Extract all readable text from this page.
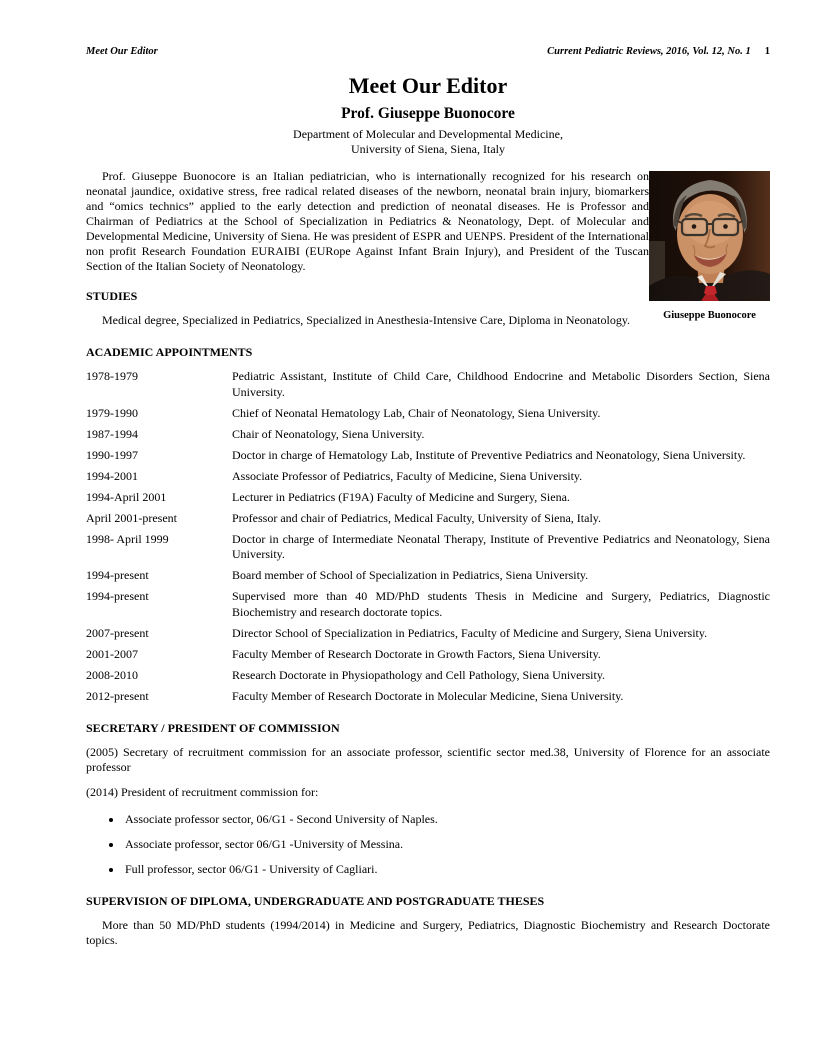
Meet Our Editor	Current Pediatric Reviews, 2016, Vol. 12, No. 1 1
Meet Our Editor
Prof. Giuseppe Buonocore
Department of Molecular and Developmental Medicine,
University of Siena, Siena, Italy
Giuseppe Buonocore

Prof. Giuseppe Buonocore is an Italian pediatrician, who is internationally recognized for his research on neonatal jaundice, oxidative stress, free radical related diseases of the newborn, neonatal brain injury, biomarkers and “omics technics” applied to the early detection and prediction of neonatal diseases. He is Professor and Chairman of Pediatrics at the School of Specialization in Pediatrics & Neonatology, Dept. of Molecular and Developmental Medicine, University of Siena. He was president of ESPR and UENPS. President of the International non profit Research Foundation EURAIBI (EURope Against Infant Brain Injury), and President of the Tuscan Section of the Italian Society of Neonatology.

STUDIES

Medical degree, Specialized in Pediatrics, Specialized in Anesthesia-Intensive Care, Diploma in Neonatology.

ACADEMIC APPOINTMENTS
1978-1979	Pediatric Assistant, Institute of Child Care, Childhood Endocrine and Metabolic Disorders Section, Siena University.
1979-1990	Chief of Neonatal Hematology Lab, Chair of Neonatology, Siena University.
1987-1994	Chair of Neonatology, Siena University.
1990-1997	Doctor in charge of Hematology Lab, Institute of Preventive Pediatrics and Neonatology, Siena University.
1994-2001	Associate Professor of Pediatrics, Faculty of Medicine, Siena University.
1994-April 2001	Lecturer in Pediatrics (F19A) Faculty of Medicine and Surgery, Siena.
April 2001-present	Professor and chair of Pediatrics, Medical Faculty, University of Siena, Italy.
1998- April 1999	Doctor in charge of Intermediate Neonatal Therapy, Institute of Preventive Pediatrics and Neonatology, Siena University.
1994-present	Board member of School of Specialization in Pediatrics, Siena University.
1994-present	Supervised more than 40 MD/PhD students Thesis in Medicine and Surgery, Pediatrics, Diagnostic Biochemistry and research doctorate topics.
2007-present	Director School of Specialization in Pediatrics, Faculty of Medicine and Surgery, Siena University.
2001-2007	Faculty Member of Research Doctorate in Growth Factors, Siena University.
2008-2010	Research Doctorate in Physiopathology and Cell Pathology, Siena University.
2012-present	Faculty Member of Research Doctorate in Molecular Medicine, Siena University.
SECRETARY / PRESIDENT OF COMMISSION

(2005) Secretary of recruitment commission for an associate professor, scientific sector med.38, University of Florence for an associate professor

(2014) President of recruitment commission for:

• Associate professor sector, 06/G1 - Second University of Naples.
• Associate professor, sector 06/G1 -University of Messina.
• Full professor, sector 06/G1 - University of Cagliari.
SUPERVISION OF DIPLOMA, UNDERGRADUATE AND POSTGRADUATE THESES

More than 50 MD/PhD students (1994/2014) in Medicine and Surgery, Pediatrics, Diagnostic Biochemistry and Research Doctorate topics.
